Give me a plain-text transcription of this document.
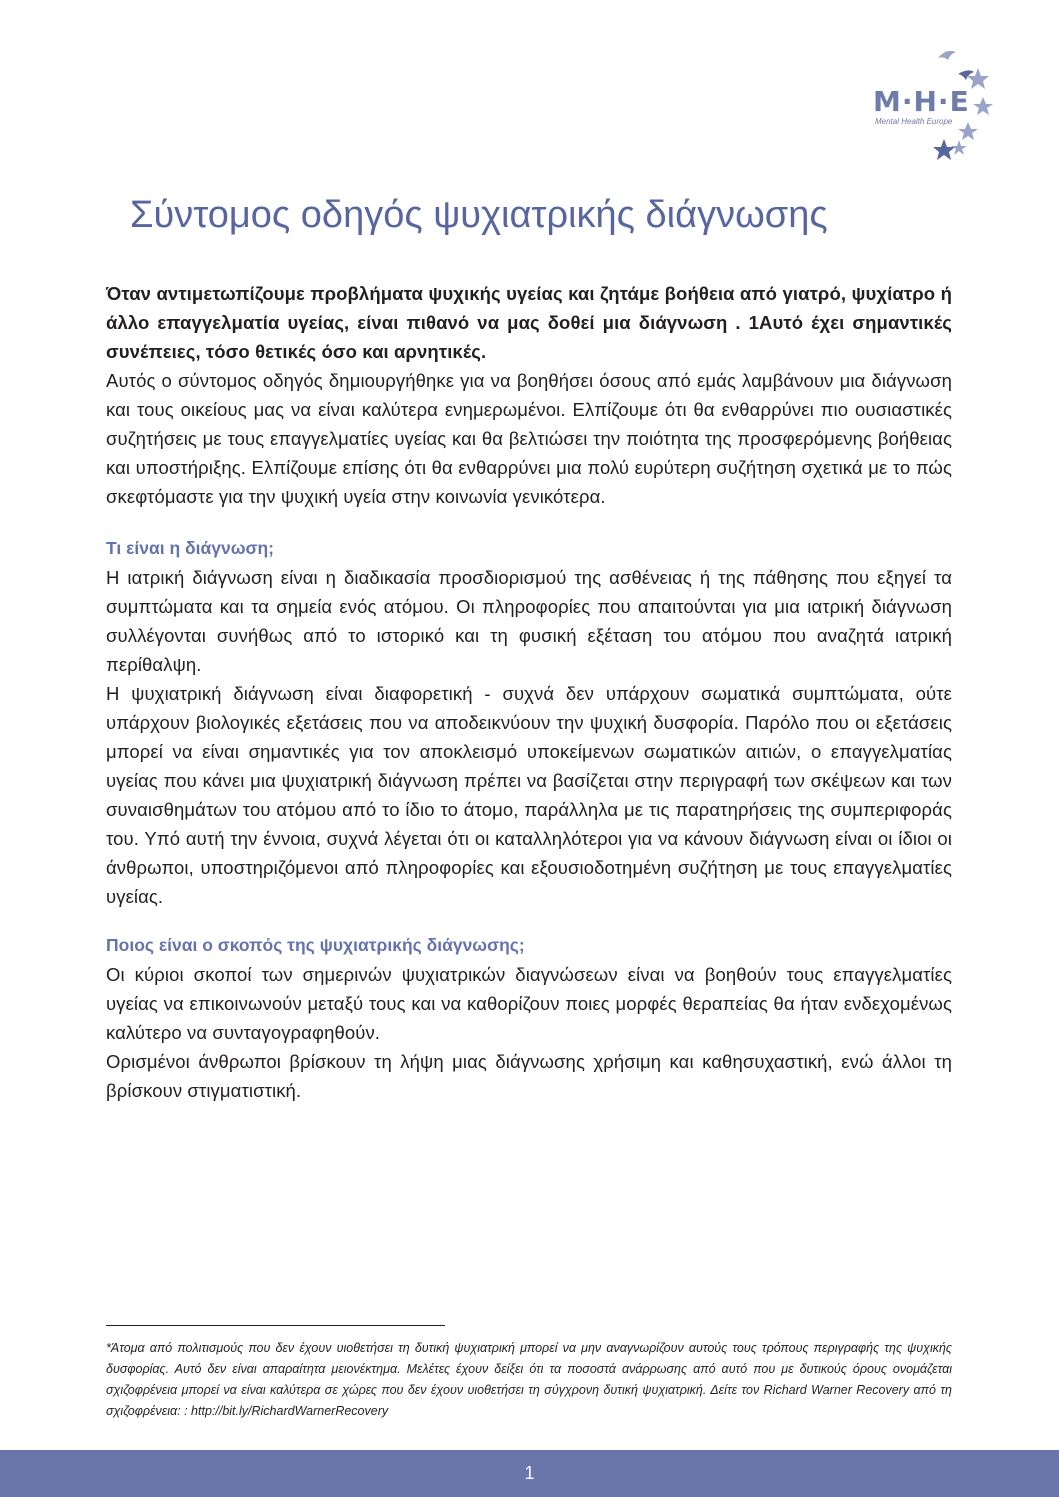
M·H·E
Mental Health Europe
Σύντομος οδηγός ψυχιατρικής διάγνωσης

Όταν αντιμετωπίζουμε προβλήματα ψυχικής υγείας και ζητάμε βοήθεια από γιατρό, ψυχίατρο ή άλλο επαγγελματία υγείας, είναι πιθανό να μας δοθεί μια διάγνωση . 1Αυτό έχει σημαντικές συνέπειες, τόσο θετικές όσο και αρνητικές.

Αυτός ο σύντομος οδηγός δημιουργήθηκε για να βοηθήσει όσους από εμάς λαμβάνουν μια διάγνωση και τους οικείους μας να είναι καλύτερα ενημερωμένοι. Ελπίζουμε ότι θα ενθαρρύνει πιο ουσιαστικές συζητήσεις με τους επαγγελματίες υγείας και θα βελτιώσει την ποιότητα της προσφερόμενης βοήθειας και υποστήριξης. Ελπίζουμε επίσης ότι θα ενθαρρύνει μια πολύ ευρύτερη συζήτηση σχετικά με το πώς σκεφτόμαστε για την ψυχική υγεία στην κοινωνία γενικότερα.

Τι είναι η διάγνωση;

Η ιατρική διάγνωση είναι η διαδικασία προσδιορισμού της ασθένειας ή της πάθησης που εξηγεί τα συμπτώματα και τα σημεία ενός ατόμου. Οι πληροφορίες που απαιτούνται για μια ιατρική διάγνωση συλλέγονται συνήθως από το ιστορικό και τη φυσική εξέταση του ατόμου που αναζητά ιατρική περίθαλψη.

Η ψυχιατρική διάγνωση είναι διαφορετική - συχνά δεν υπάρχουν σωματικά συμπτώματα, ούτε υπάρχουν βιολογικές εξετάσεις που να αποδεικνύουν την ψυχική δυσφορία. Παρόλο που οι εξετάσεις μπορεί να είναι σημαντικές για τον αποκλεισμό υποκείμενων σωματικών αιτιών, ο επαγγελματίας υγείας που κάνει μια ψυχιατρική διάγνωση πρέπει να βασίζεται στην περιγραφή των σκέψεων και των συναισθημάτων του ατόμου από το ίδιο το άτομο, παράλληλα με τις παρατηρήσεις της συμπεριφοράς του. Υπό αυτή την έννοια, συχνά λέγεται ότι οι καταλληλότεροι για να κάνουν διάγνωση είναι οι ίδιοι οι άνθρωποι, υποστηριζόμενοι από πληροφορίες και εξουσιοδοτημένη συζήτηση με τους επαγγελματίες υγείας.

Ποιος είναι ο σκοπός της ψυχιατρικής διάγνωσης;

Οι κύριοι σκοποί των σημερινών ψυχιατρικών διαγνώσεων είναι να βοηθούν τους επαγγελματίες υγείας να επικοινωνούν μεταξύ τους και να καθορίζουν ποιες μορφές θεραπείας θα ήταν ενδεχομένως καλύτερο να συνταγογραφηθούν.

Ορισμένοι άνθρωποι βρίσκουν τη λήψη μιας διάγνωσης χρήσιμη και καθησυχαστική, ενώ άλλοι τη βρίσκουν στιγματιστική.

*Άτομα από πολιτισμούς που δεν έχουν υιοθετήσει τη δυτική ψυχιατρική μπορεί να μην αναγνωρίζουν αυτούς τους τρόπους περιγραφής της ψυχικής δυσφορίας. Αυτό δεν είναι απαραίτητα μειονέκτημα. Μελέτες έχουν δείξει ότι τα ποσοστά ανάρρωσης από αυτό που με δυτικούς όρους ονομάζεται σχιζοφρένεια μπορεί να είναι καλύτερα σε χώρες που δεν έχουν υιοθετήσει τη σύγχρονη δυτική ψυχιατρική. Δείτε τον Richard Warner Recovery από τη σχιζοφρένεια: : http://bit.ly/RichardWarnerRecovery

1
